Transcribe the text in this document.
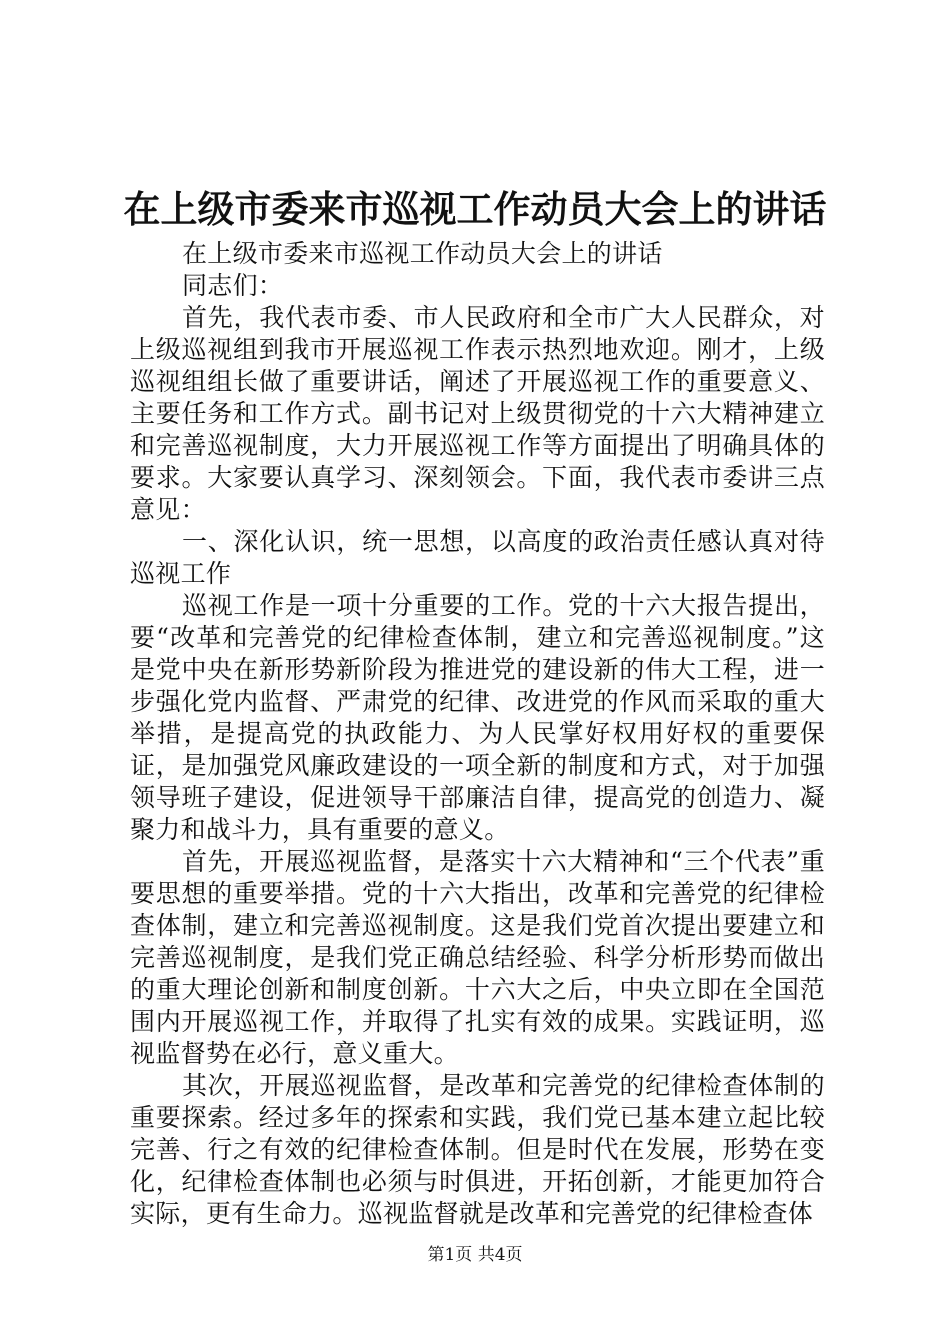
在上级市委来市巡视工作动员大会上的讲话

在上级市委来市巡视工作动员大会上的讲话

同志们：

首先，我代表市委、市人民政府和全市广大人民群众，对上级巡视组到我市开展巡视工作表示热烈地欢迎。刚才，上级巡视组组长做了重要讲话，阐述了开展巡视工作的重要意义、主要任务和工作方式。副书记对上级贯彻党的十六大精神建立和完善巡视制度，大力开展巡视工作等方面提出了明确具体的要求。大家要认真学习、深刻领会。下面，我代表市委讲三点意见：

一、深化认识，统一思想，以高度的政治责任感认真对待巡视工作

巡视工作是一项十分重要的工作。党的十六大报告提出，要“改革和完善党的纪律检查体制，建立和完善巡视制度。”这是党中央在新形势新阶段为推进党的建设新的伟大工程，进一步强化党内监督、严肃党的纪律、改进党的作风而采取的重大举措，是提高党的执政能力、为人民掌好权用好权的重要保证，是加强党风廉政建设的一项全新的制度和方式，对于加强领导班子建设，促进领导干部廉洁自律，提高党的创造力、凝聚力和战斗力，具有重要的意义。

首先，开展巡视监督，是落实十六大精神和“三个代表”重要思想的重要举措。党的十六大指出，改革和完善党的纪律检查体制，建立和完善巡视制度。这是我们党首次提出要建立和完善巡视制度，是我们党正确总结经验、科学分析形势而做出的重大理论创新和制度创新。十六大之后，中央立即在全国范围内开展巡视工作，并取得了扎实有效的成果。实践证明，巡视监督势在必行，意义重大。

其次，开展巡视监督，是改革和完善党的纪律检查体制的重要探索。经过多年的探索和实践，我们党已基本建立起比较完善、行之有效的纪律检查体制。但是时代在发展，形势在变化，纪律检查体制也必须与时俱进，开拓创新，才能更加符合实际，更有生命力。巡视监督就是改革和完善党的纪律检查体

第1页 共4页
